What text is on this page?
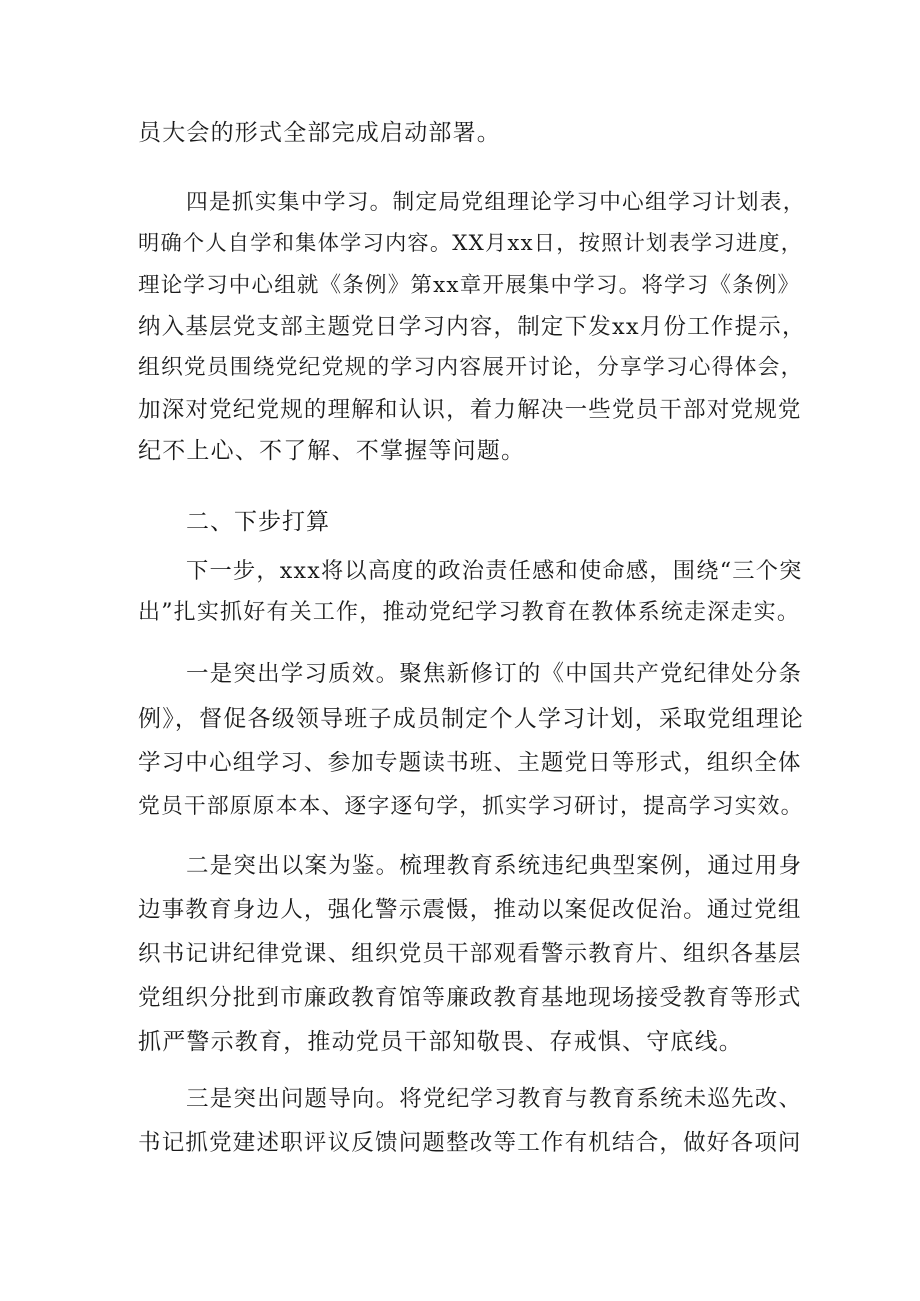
员大会的形式全部完成启动部署。
四是抓实集中学习。制定局党组理论学习中心组学习计划表，
明确个人自学和集体学习内容。XX月xx日，按照计划表学习进度，
理论学习中心组就《条例》第xx章开展集中学习。将学习《条例》
纳入基层党支部主题党日学习内容，制定下发xx月份工作提示，
组织党员围绕党纪党规的学习内容展开讨论，分享学习心得体会，
加深对党纪党规的理解和认识，着力解决一些党员干部对党规党
纪不上心、不了解、不掌握等问题。
二、下步打算
下一步，xxx将以高度的政治责任感和使命感，围绕“三个突
出”扎实抓好有关工作，推动党纪学习教育在教体系统走深走实。
一是突出学习质效。聚焦新修订的《中国共产党纪律处分条
例》，督促各级领导班子成员制定个人学习计划，采取党组理论
学习中心组学习、参加专题读书班、主题党日等形式，组织全体
党员干部原原本本、逐字逐句学，抓实学习研讨，提高学习实效。
二是突出以案为鉴。梳理教育系统违纪典型案例，通过用身
边事教育身边人，强化警示震慑，推动以案促改促治。通过党组
织书记讲纪律党课、组织党员干部观看警示教育片、组织各基层
党组织分批到市廉政教育馆等廉政教育基地现场接受教育等形式
抓严警示教育，推动党员干部知敬畏、存戒惧、守底线。
三是突出问题导向。将党纪学习教育与教育系统未巡先改、
书记抓党建述职评议反馈问题整改等工作有机结合，做好各项问
